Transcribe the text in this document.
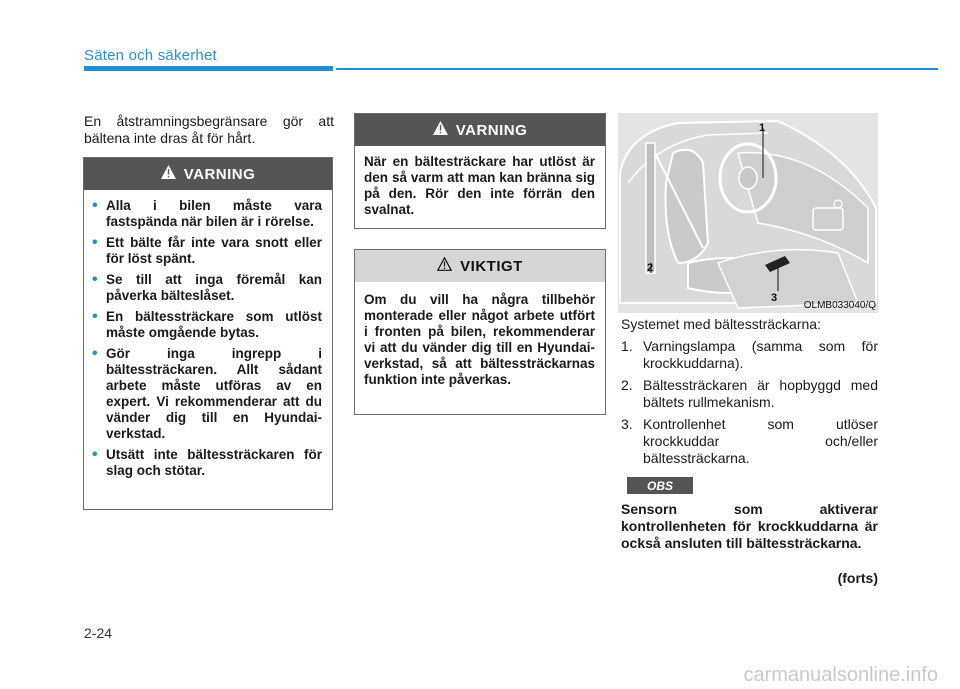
Säten och säkerhet
En åtstramningsbegränsare gör att bältena inte dras åt för hårt.
VARNING
• Alla i bilen måste vara fastspända när bilen är i rörelse.
• Ett bälte får inte vara snott eller för löst spänt.
• Se till att inga föremål kan påverka bälteslåset.
• En bältessträckare som utlöst måste omgående bytas.
• Gör inga ingrepp i bältessträckaren. Allt sådant arbete måste utföras av en expert. Vi rekommenderar att du vänder dig till en Hyundai-verkstad.
• Utsätt inte bältessträckaren för slag och stötar.
VARNING
När en bältesträckare har utlöst är den så varm att man kan bränna sig på den. Rör den inte förrän den svalnat.
VIKTIGT
Om du vill ha några tillbehör monterade eller något arbete utfört i fronten på bilen, rekommenderar vi att du vänder dig till en Hyundai-verkstad, så att bältessträckarnas funktion inte påverkas.
1
2
3
OLMB033040/Q
Systemet med bältessträckarna:
1. Varningslampa (samma som för krockkuddarna).
2. Bältessträckaren är hopbyggd med bältets rullmekanism.
3. Kontrollenhet som utlöser krockkuddar och/eller bältessträckarna.
OBS
Sensorn som aktiverar kontrollenheten för krockkuddarna är också ansluten till bältessträckarna.
(forts)
2-24
carmanualsonline.info
